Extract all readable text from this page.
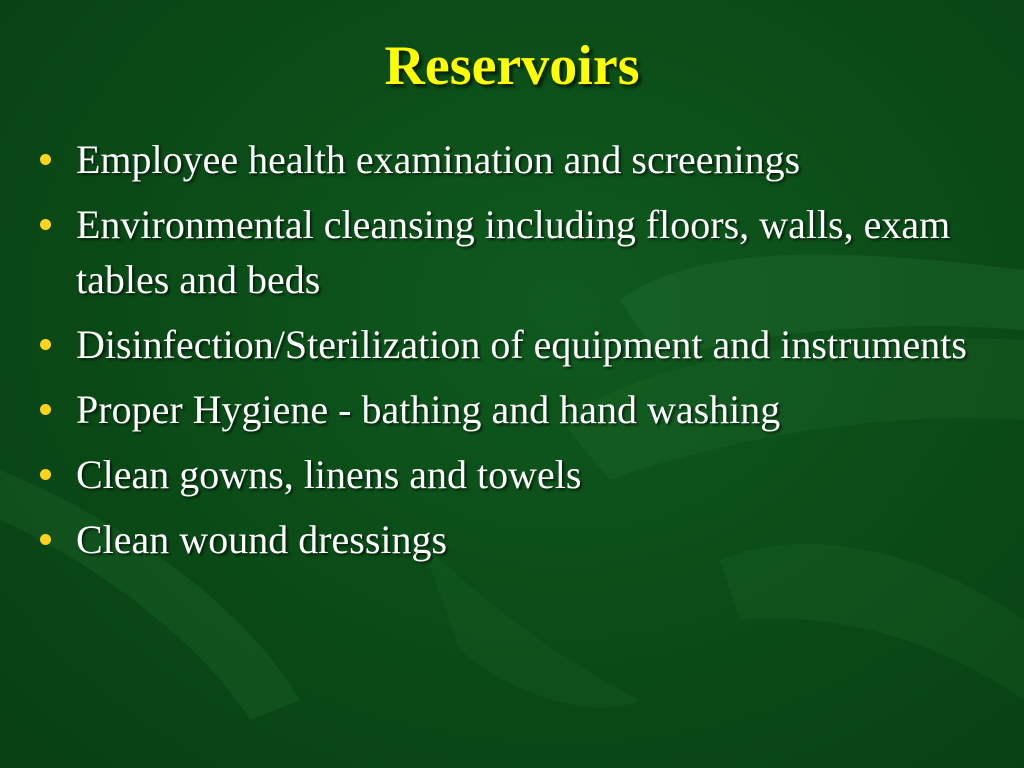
Reservoirs
Employee health examination and screenings
Environmental cleansing including floors, walls, exam tables and beds
Disinfection/Sterilization of equipment and instruments
Proper Hygiene - bathing and hand washing
Clean gowns, linens and towels
Clean wound dressings
